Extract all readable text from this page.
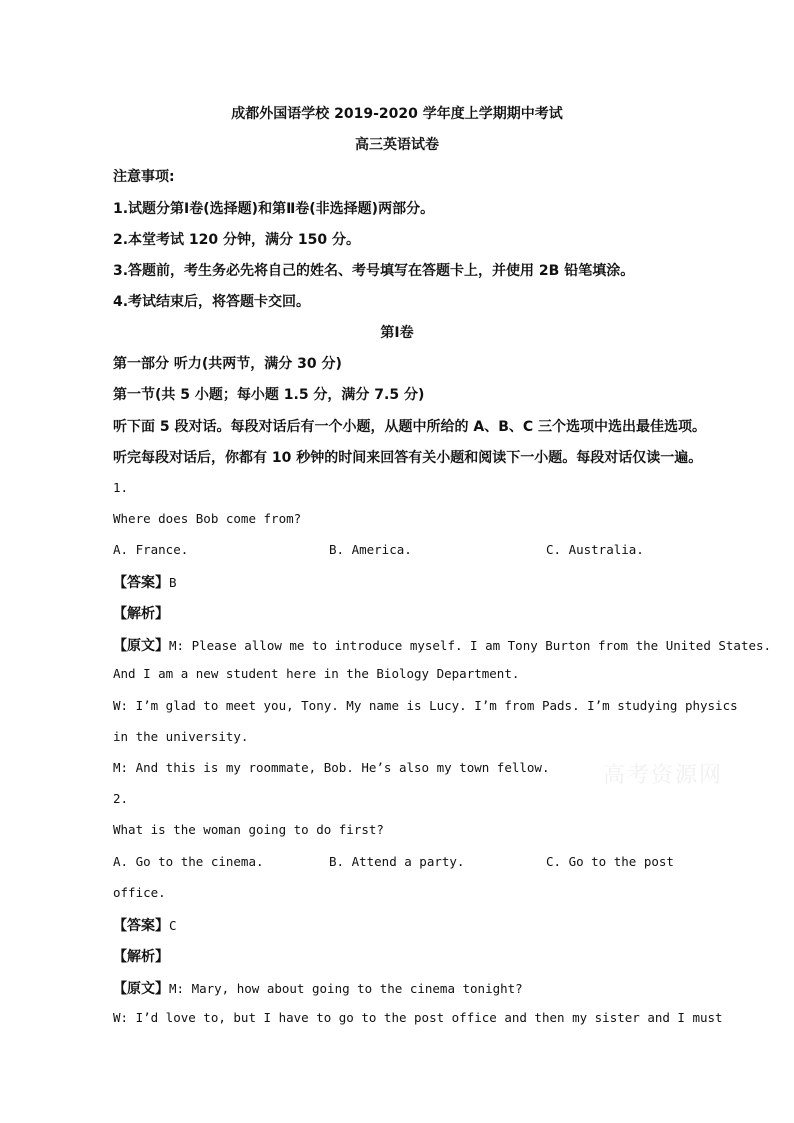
成都外国语学校 2019-2020 学年度上学期期中考试
高三英语试卷
注意事项:
1.试题分第Ⅰ卷(选择题)和第Ⅱ卷(非选择题)两部分。
2.本堂考试 120 分钟，满分 150 分。
3.答题前，考生务必先将自己的姓名、考号填写在答题卡上，并使用 2B 铅笔填涂。
4.考试结束后，将答题卡交回。
第Ⅰ卷
第一部分 听力(共两节，满分 30 分)
第一节(共 5 小题；每小题 1.5 分，满分 7.5 分)
听下面 5 段对话。每段对话后有一个小题，从题中所给的 A、B、C 三个选项中选出最佳选项。
听完每段对话后，你都有 10 秒钟的时间来回答有关小题和阅读下一小题。每段对话仅读一遍。
1.
Where does Bob come from?
A. France.	B. America.	C. Australia.
【答案】B
【解析】
【原文】M: Please allow me to introduce myself. I am Tony Burton from the United States.
And I am a new student here in the Biology Department.
W: I’m glad to meet you, Tony. My name is Lucy. I’m from Pads. I’m studying physics
in the university.
M: And this is my roommate, Bob. He’s also my town fellow.
2.
What is the woman going to do first?
A. Go to the cinema.	B. Attend a party.	C. Go to the post
office.
【答案】C
【解析】
【原文】M: Mary, how about going to the cinema tonight?
W: I’d love to, but I have to go to the post office and then my sister and I must
高考资源网
